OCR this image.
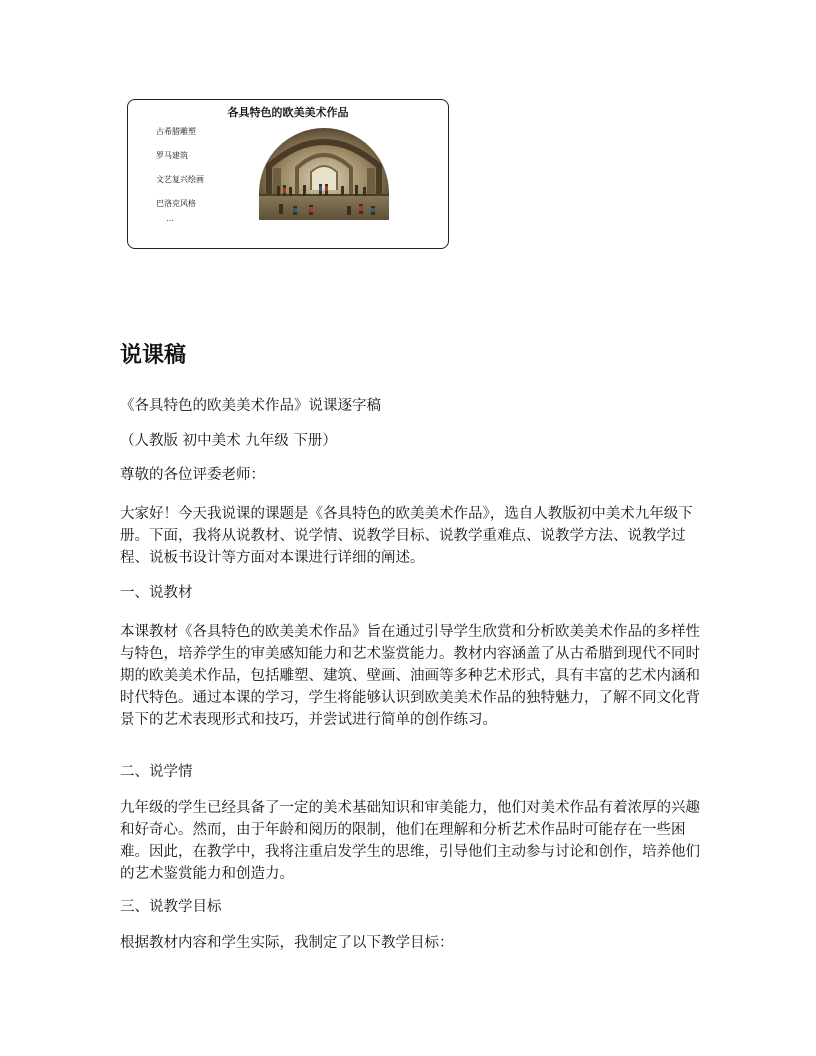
各具特色的欧美美术作品
古希腊雕塑
罗马建筑
文艺复兴绘画
巴洛克风格
…
说课稿

《各具特色的欧美美术作品》说课逐字稿

（人教版 初中美术 九年级 下册）

尊敬的各位评委老师：

大家好！今天我说课的课题是《各具特色的欧美美术作品》，选自人教版初中美术九年级下册。下面，我将从说教材、说学情、说教学目标、说教学重难点、说教学方法、说教学过程、说板书设计等方面对本课进行详细的阐述。

一、说教材

本课教材《各具特色的欧美美术作品》旨在通过引导学生欣赏和分析欧美美术作品的多样性与特色，培养学生的审美感知能力和艺术鉴赏能力。教材内容涵盖了从古希腊到现代不同时期的欧美美术作品，包括雕塑、建筑、壁画、油画等多种艺术形式，具有丰富的艺术内涵和时代特色。通过本课的学习，学生将能够认识到欧美美术作品的独特魅力，了解不同文化背景下的艺术表现形式和技巧，并尝试进行简单的创作练习。

二、说学情

九年级的学生已经具备了一定的美术基础知识和审美能力，他们对美术作品有着浓厚的兴趣和好奇心。然而，由于年龄和阅历的限制，他们在理解和分析艺术作品时可能存在一些困难。因此，在教学中，我将注重启发学生的思维，引导他们主动参与讨论和创作，培养他们的艺术鉴赏能力和创造力。

三、说教学目标

根据教材内容和学生实际，我制定了以下教学目标：
